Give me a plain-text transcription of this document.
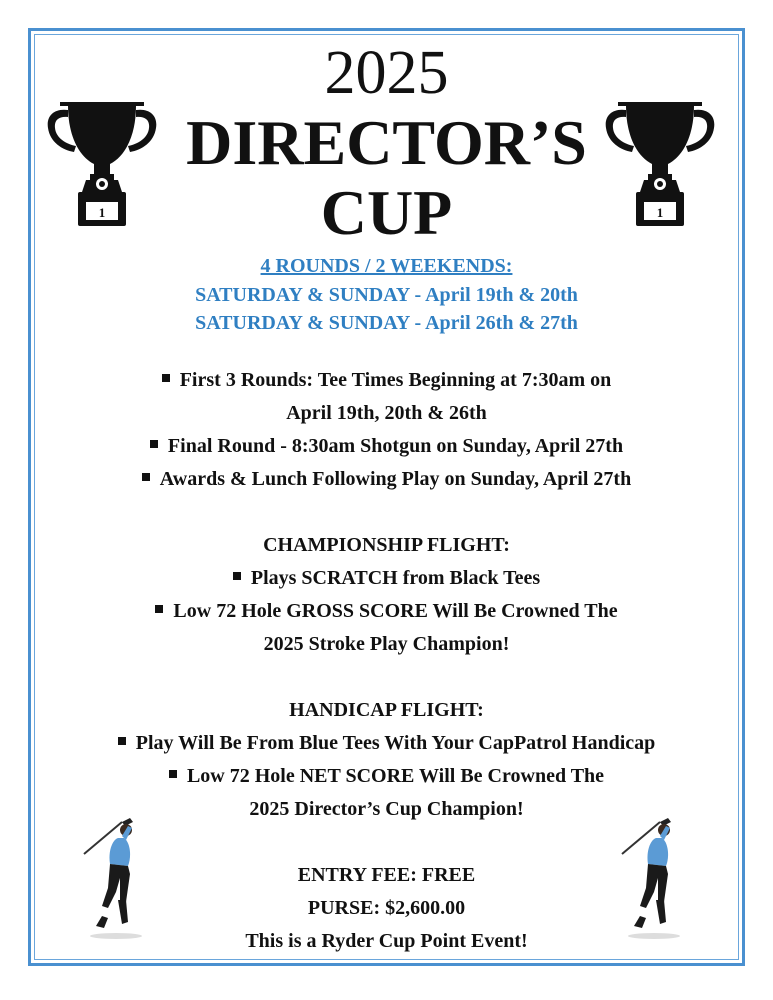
2025
DIRECTOR’S
CUP
1	1
4 ROUNDS / 2 WEEKENDS:
SATURDAY & SUNDAY - April 19th & 20th
SATURDAY & SUNDAY - April 26th & 27th
First 3 Rounds: Tee Times Beginning at 7:30am on
April 19th, 20th & 26th
Final Round - 8:30am Shotgun on Sunday, April 27th
Awards & Lunch Following Play on Sunday, April 27th
CHAMPIONSHIP FLIGHT:
Plays SCRATCH from Black Tees
Low 72 Hole GROSS SCORE Will Be Crowned The
2025 Stroke Play Champion!
HANDICAP FLIGHT:
Play Will Be From Blue Tees With Your CapPatrol Handicap
Low 72 Hole NET SCORE Will Be Crowned The
2025 Director’s Cup Champion!
ENTRY FEE: FREE
PURSE: $2,600.00
This is a Ryder Cup Point Event!
